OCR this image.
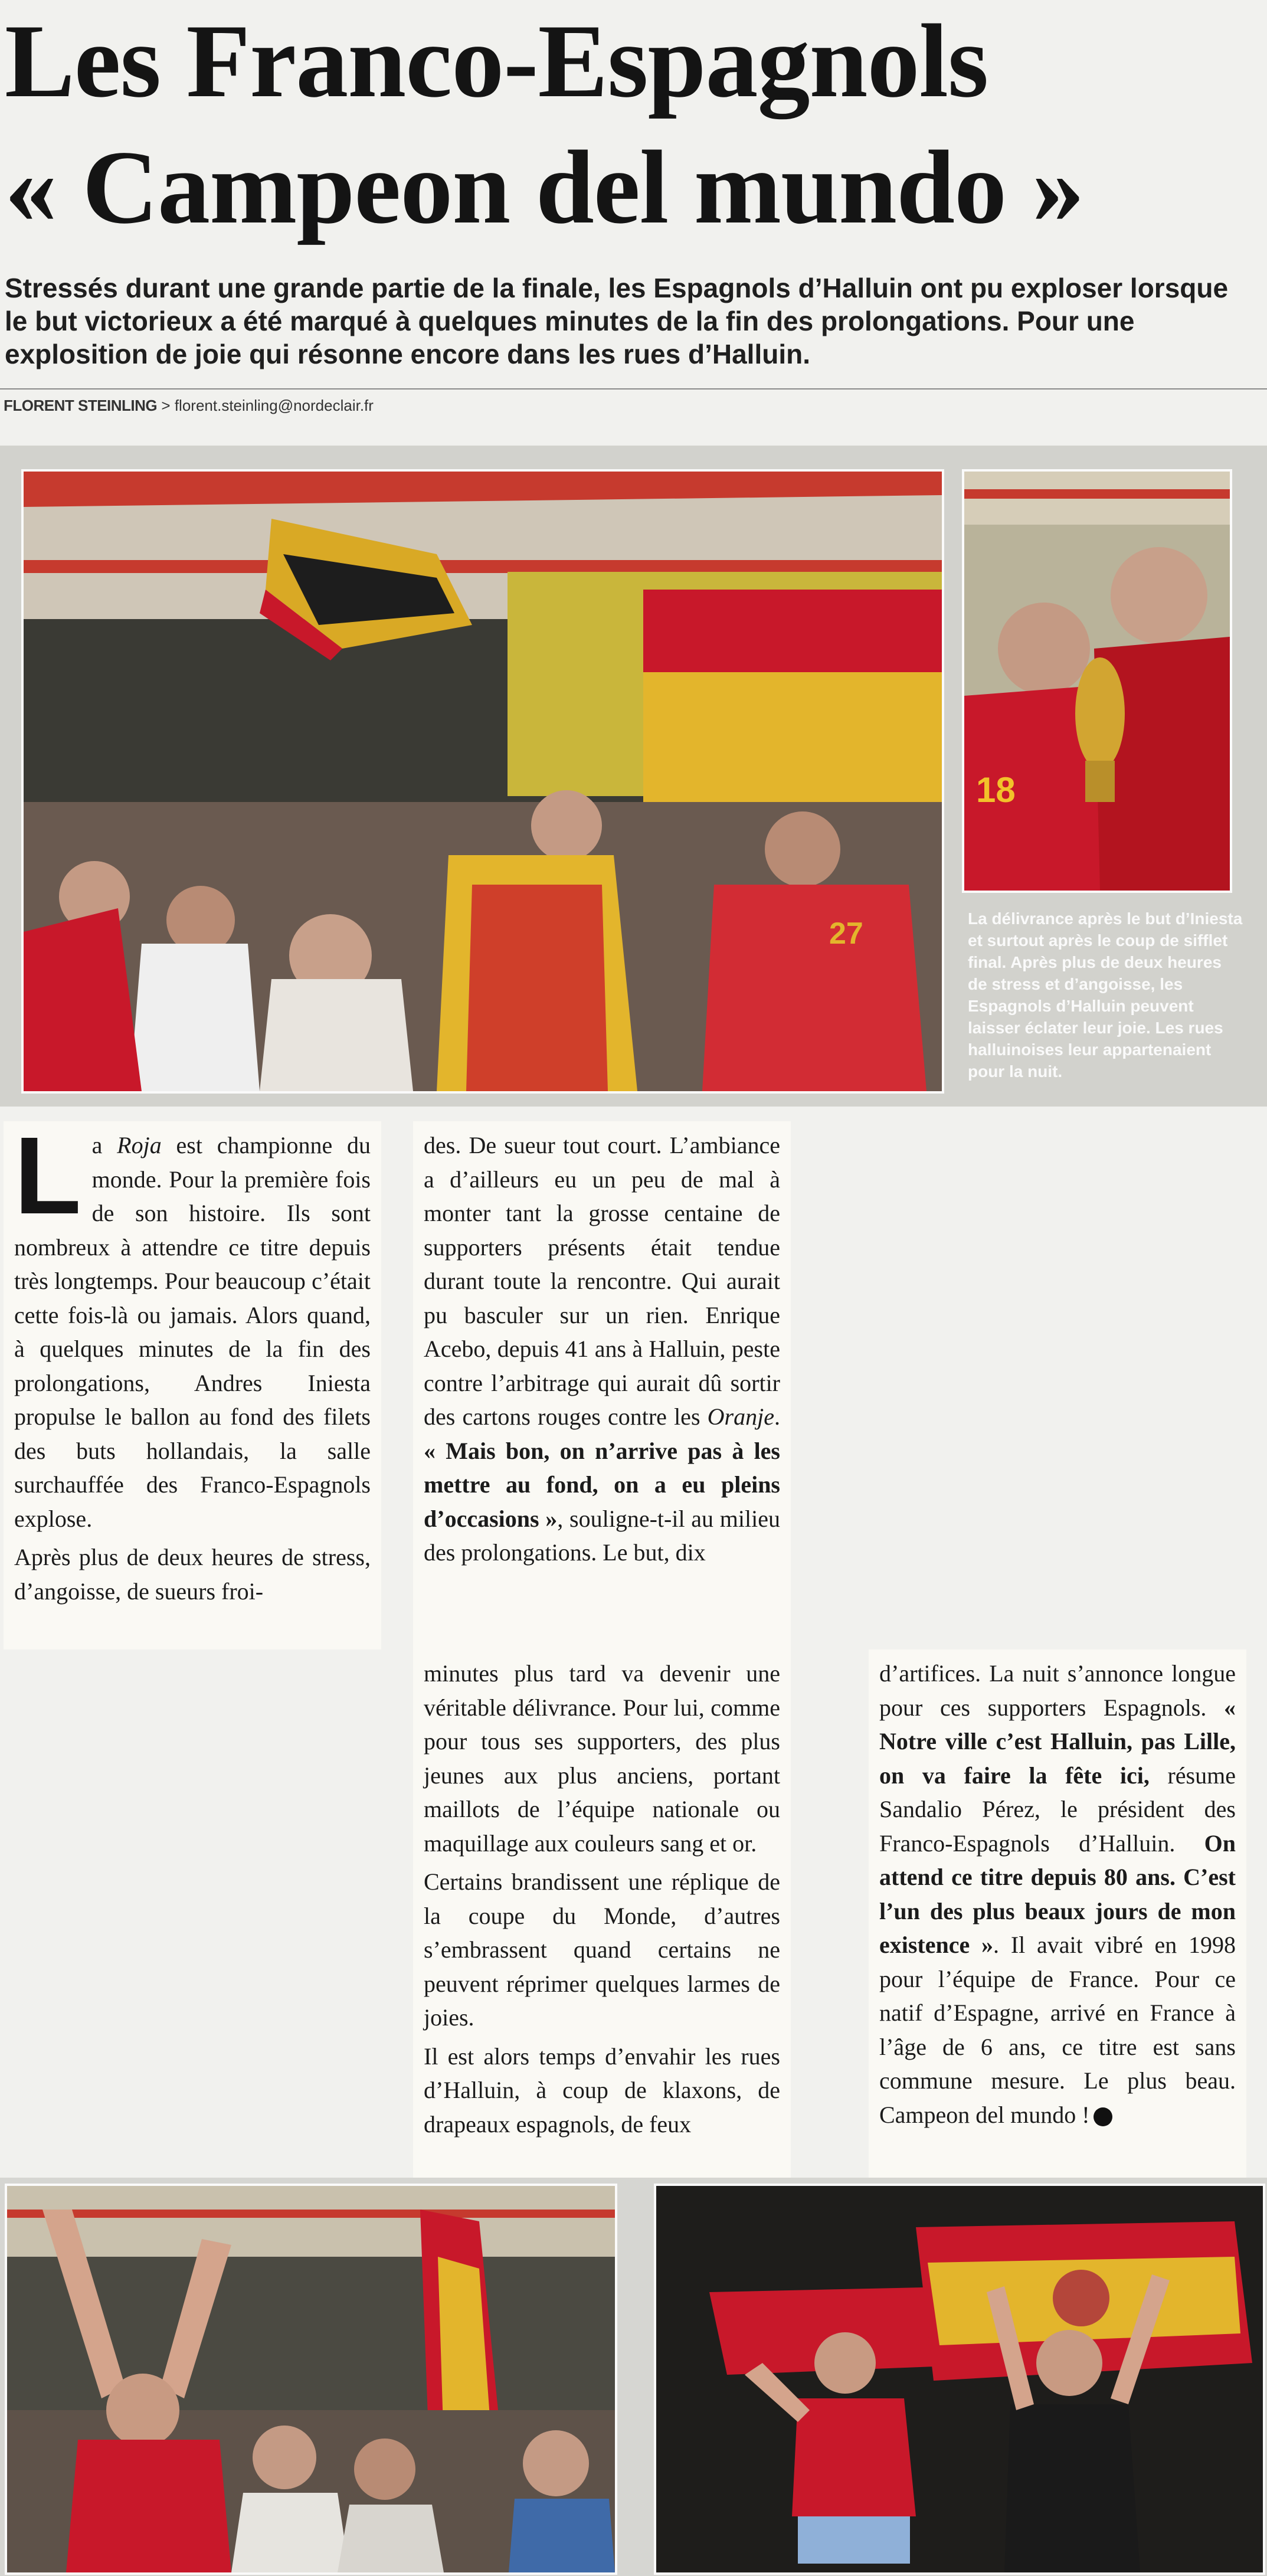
Les Franco-Espagnols
« Campeon del mundo »
Stressés durant une grande partie de la finale, les Espagnols d’Halluin ont pu exploser lorsque le but victorieux a été marqué à quelques minutes de la fin des prolongations. Pour une explosition de joie qui résonne encore dans les rues d’Halluin.
FLORENT STEINLING > florent.steinling@nordeclair.fr
27
18
La délivrance après le but d’Iniesta et surtout après le coup de sifflet final. Après plus de deux heures de stress et d’angoisse, les Espagnols d’Halluin peuvent laisser éclater leur joie. Les rues halluinoises leur appartenaient pour la nuit.

La Roja est championne du monde. Pour la première fois de son histoire. Ils sont nombreux à attendre ce titre depuis très longtemps. Pour beaucoup c’était cette fois-là ou jamais. Alors quand, à quelques minutes de la fin des prolongations, Andres Iniesta propulse le ballon au fond des filets des buts hollandais, la salle surchauffée des Franco-Espagnols explose.

Après plus de deux heures de stress, d’angoisse, de sueurs froi-

des. De sueur tout court. L’ambiance a d’ailleurs eu un peu de mal à monter tant la grosse centaine de supporters présents était tendue durant toute la rencontre. Qui aurait pu basculer sur un rien. Enrique Acebo, depuis 41 ans à Halluin, peste contre l’arbitrage qui aurait dû sortir des cartons rouges contre les Oranje. « Mais bon, on n’arrive pas à les mettre au fond, on a eu pleins d’occasions », souligne-t-il au milieu des prolongations. Le but, dix

minutes plus tard va devenir une véritable délivrance. Pour lui, comme pour tous ses supporters, des plus jeunes aux plus anciens, portant maillots de l’équipe nationale ou maquillage aux couleurs sang et or.

Certains brandissent une réplique de la coupe du Monde, d’autres s’embrassent quand certains ne peuvent réprimer quelques larmes de joies.

Il est alors temps d’envahir les rues d’Halluin, à coup de klaxons, de drapeaux espagnols, de feux

d’artifices. La nuit s’annonce longue pour ces supporters Espagnols. « Notre ville c’est Halluin, pas Lille, on va faire la fête ici, résume Sandalio Pérez, le président des Franco-Espagnols d’Halluin. On attend ce titre depuis 80 ans. C’est l’un des plus beaux jours de mon existence ». Il avait vibré en 1998 pour l’équipe de France. Pour ce natif d’Espagne, arrivé en France à l’âge de 6 ans, ce titre est sans commune mesure. Le plus beau. Campeon del mundo !
